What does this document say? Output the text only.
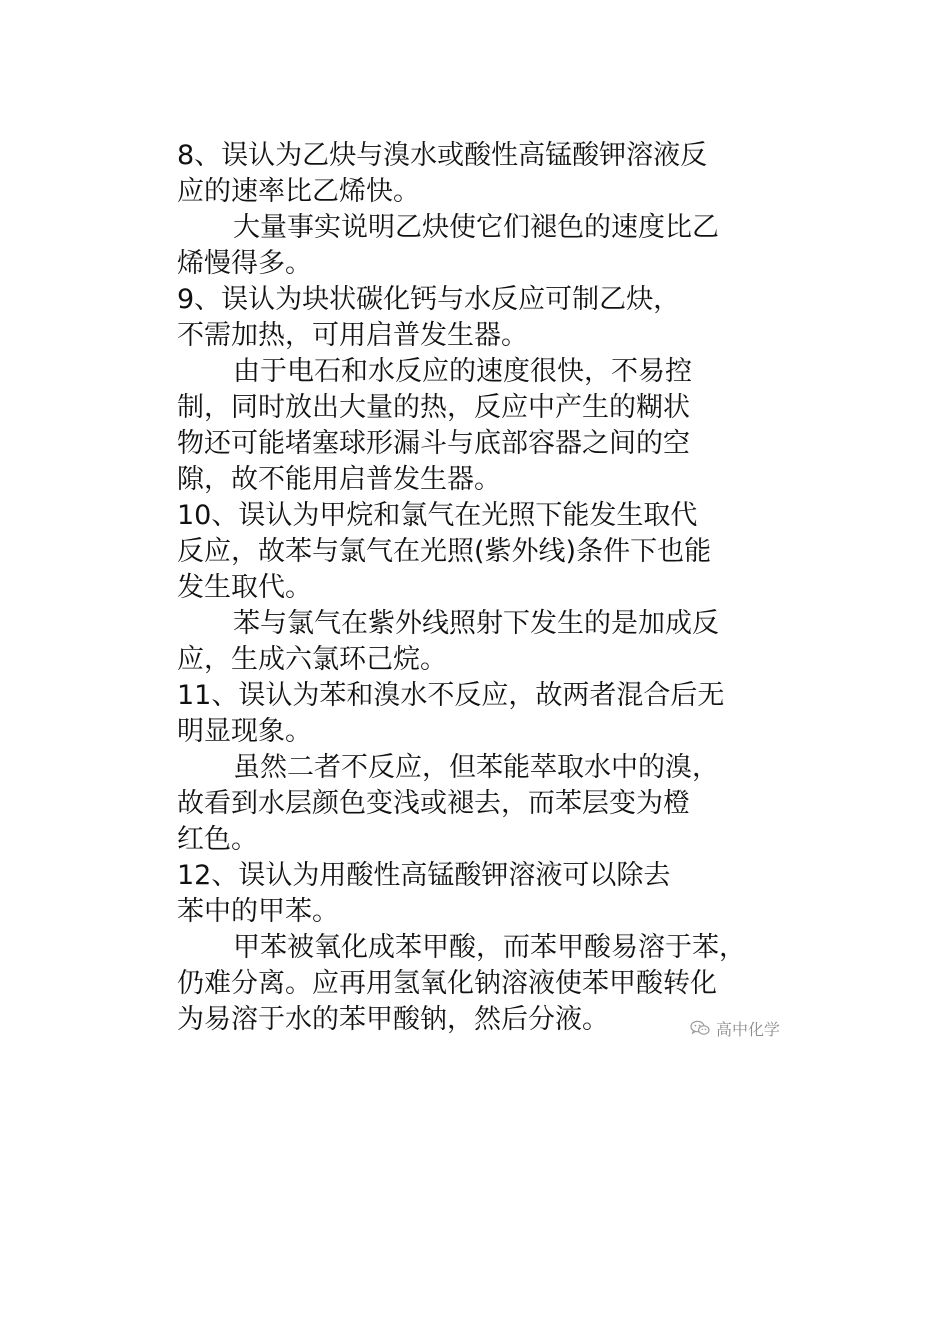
8、误认为乙炔与溴水或酸性高锰酸钾溶液反
应的速率比乙烯快。
大量事实说明乙炔使它们褪色的速度比乙
烯慢得多。
9、误认为块状碳化钙与水反应可制乙炔，
不需加热，可用启普发生器。
由于电石和水反应的速度很快，不易控
制，同时放出大量的热，反应中产生的糊状
物还可能堵塞球形漏斗与底部容器之间的空
隙，故不能用启普发生器。
10、误认为甲烷和氯气在光照下能发生取代
反应，故苯与氯气在光照(紫外线)条件下也能
发生取代。
苯与氯气在紫外线照射下发生的是加成反
应，生成六氯环己烷。
11、误认为苯和溴水不反应，故两者混合后无
明显现象。
虽然二者不反应，但苯能萃取水中的溴，
故看到水层颜色变浅或褪去，而苯层变为橙
红色。
12、误认为用酸性高锰酸钾溶液可以除去
苯中的甲苯。
甲苯被氧化成苯甲酸，而苯甲酸易溶于苯，
仍难分离。应再用氢氧化钠溶液使苯甲酸转化
为易溶于水的苯甲酸钠，然后分液。	高中化学
